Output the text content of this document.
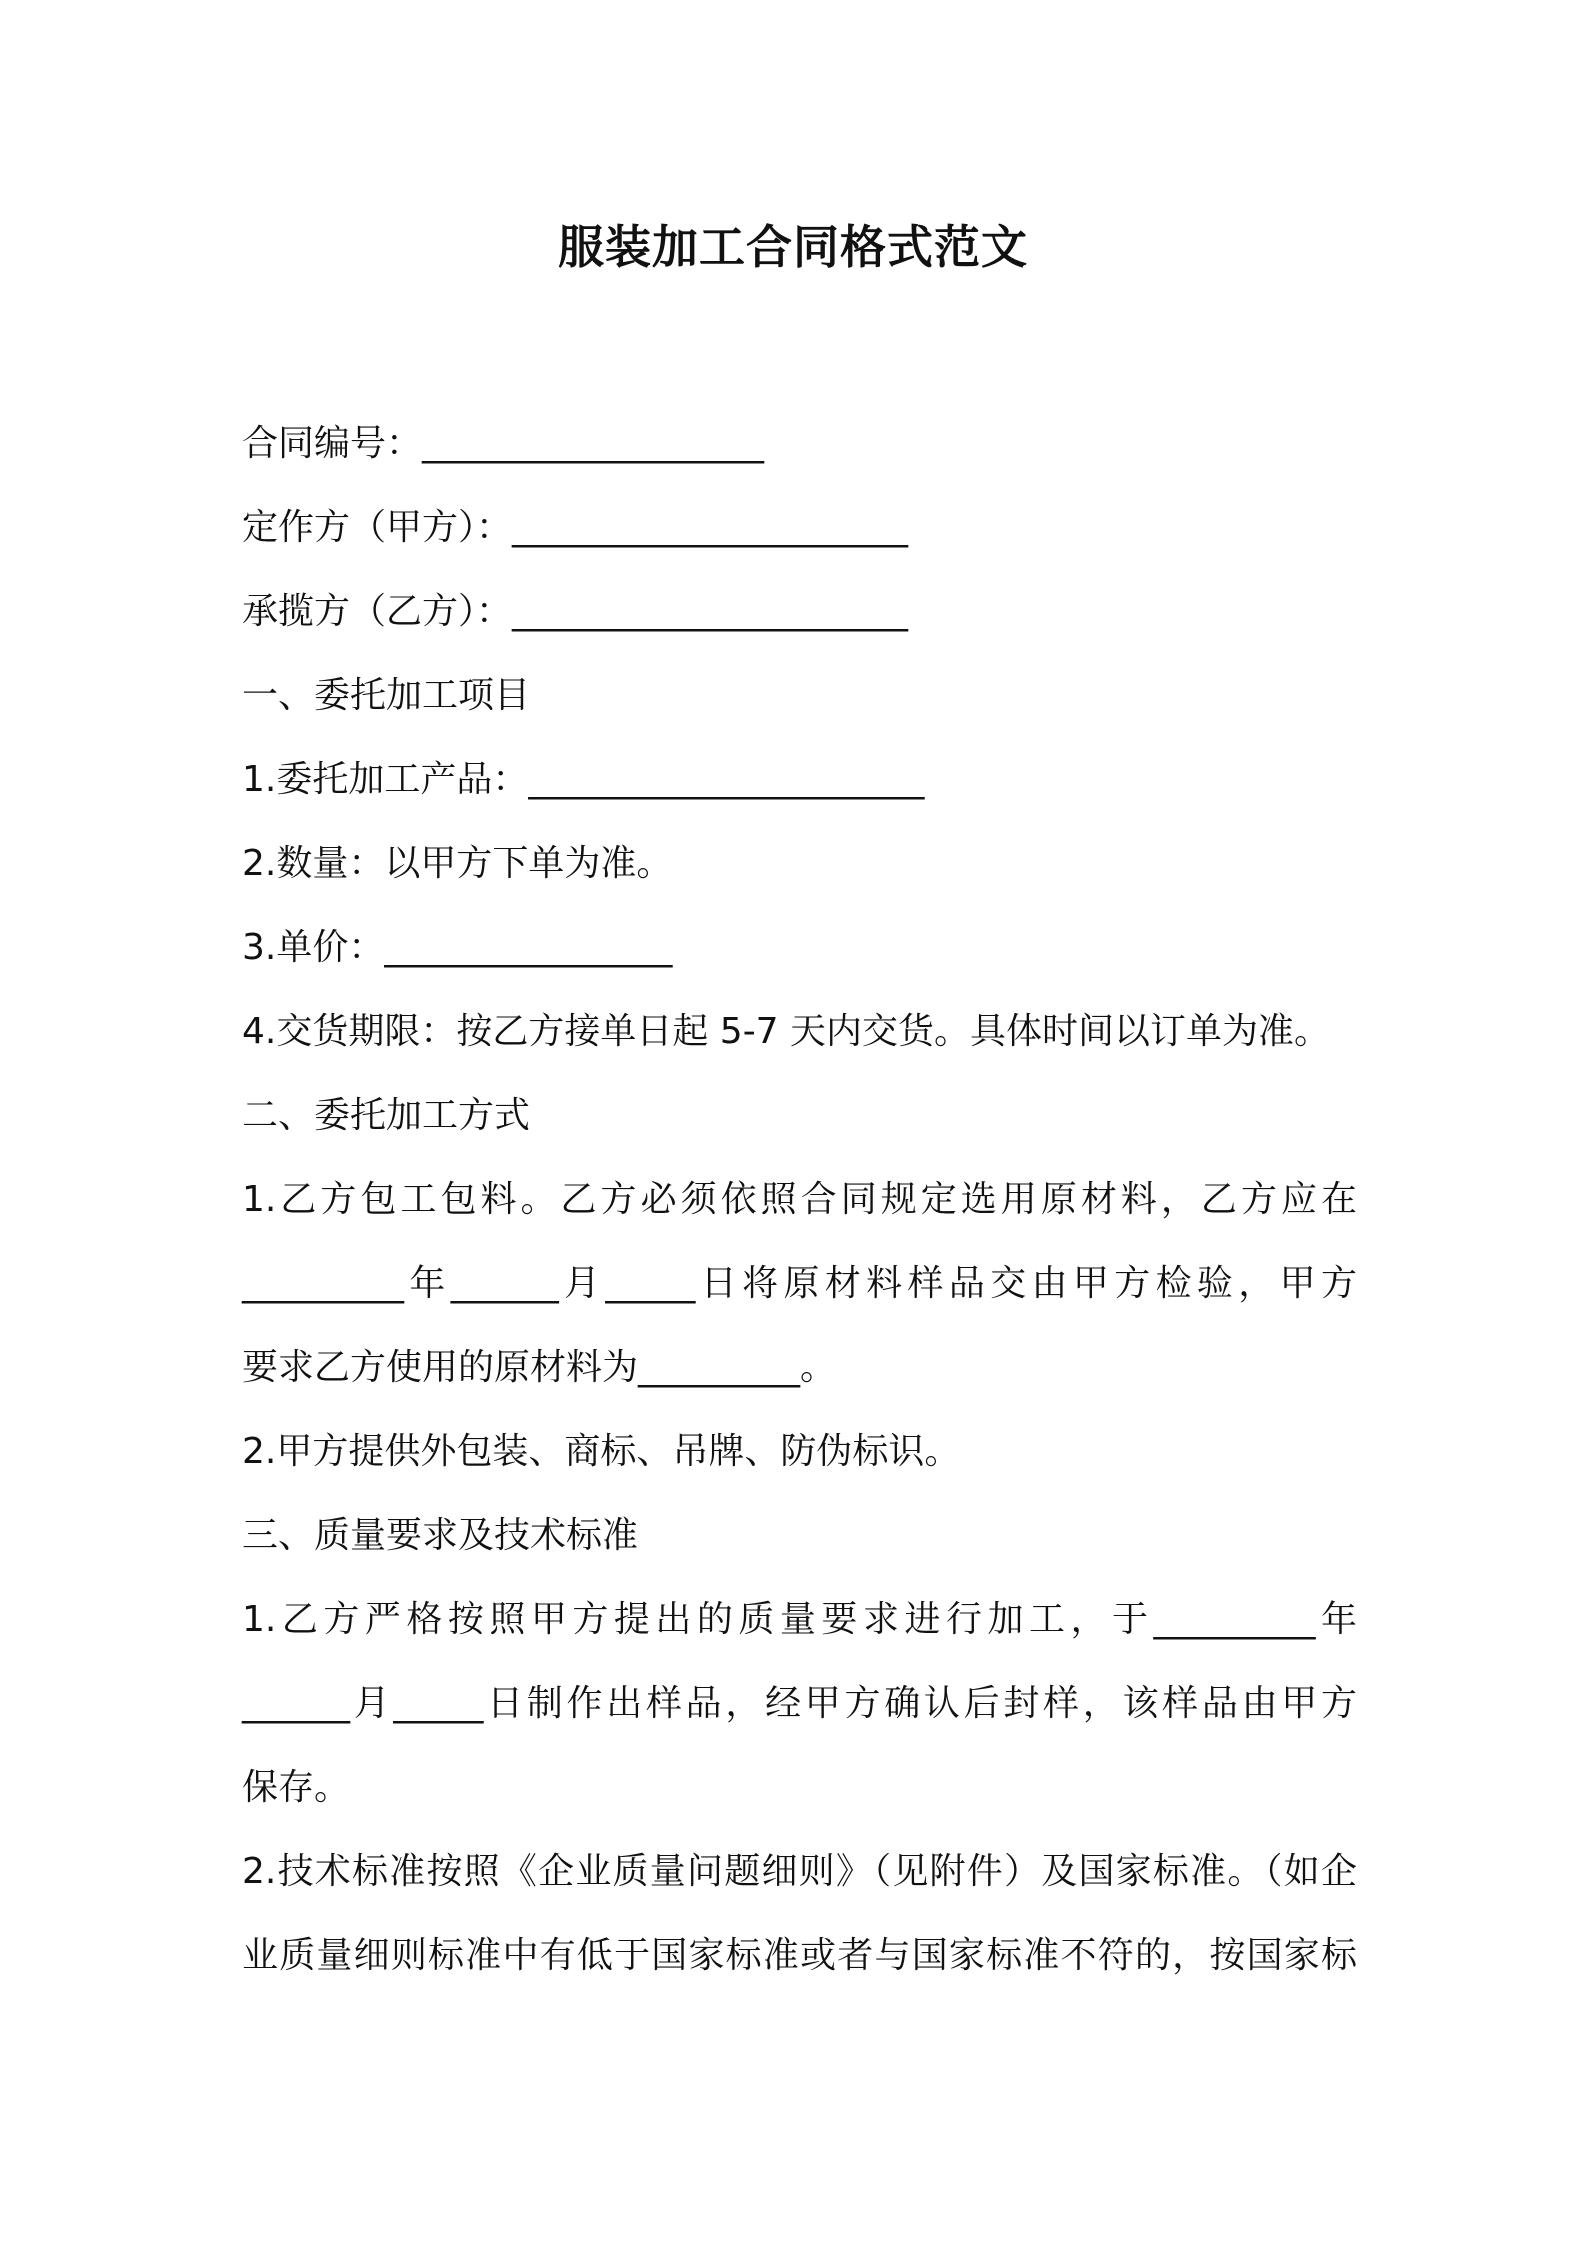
服装加工合同格式范文
合同编号：___________________
定作方（甲方）：______________________
承揽方（乙方）：______________________
一、委托加工项目
1.委托加工产品：______________________
2.数量：以甲方下单为准。
3.单价：________________
4.交货期限：按乙方接单日起 5-7 天内交货。具体时间以订单为准。
二、委托加工方式
1.乙方包工包料。乙方必须依照合同规定选用原材料，乙方应在
_________年______月_____日将原材料样品交由甲方检验，甲方
要求乙方使用的原材料为_________。
2.甲方提供外包装、商标、吊牌、防伪标识。
三、质量要求及技术标准
1.乙方严格按照甲方提出的质量要求进行加工，于_________年
______月_____日制作出样品，经甲方确认后封样，该样品由甲方
保存。
2.技术标准按照《企业质量问题细则》（见附件）及国家标准。（如企
业质量细则标准中有低于国家标准或者与国家标准不符的，按国家标
